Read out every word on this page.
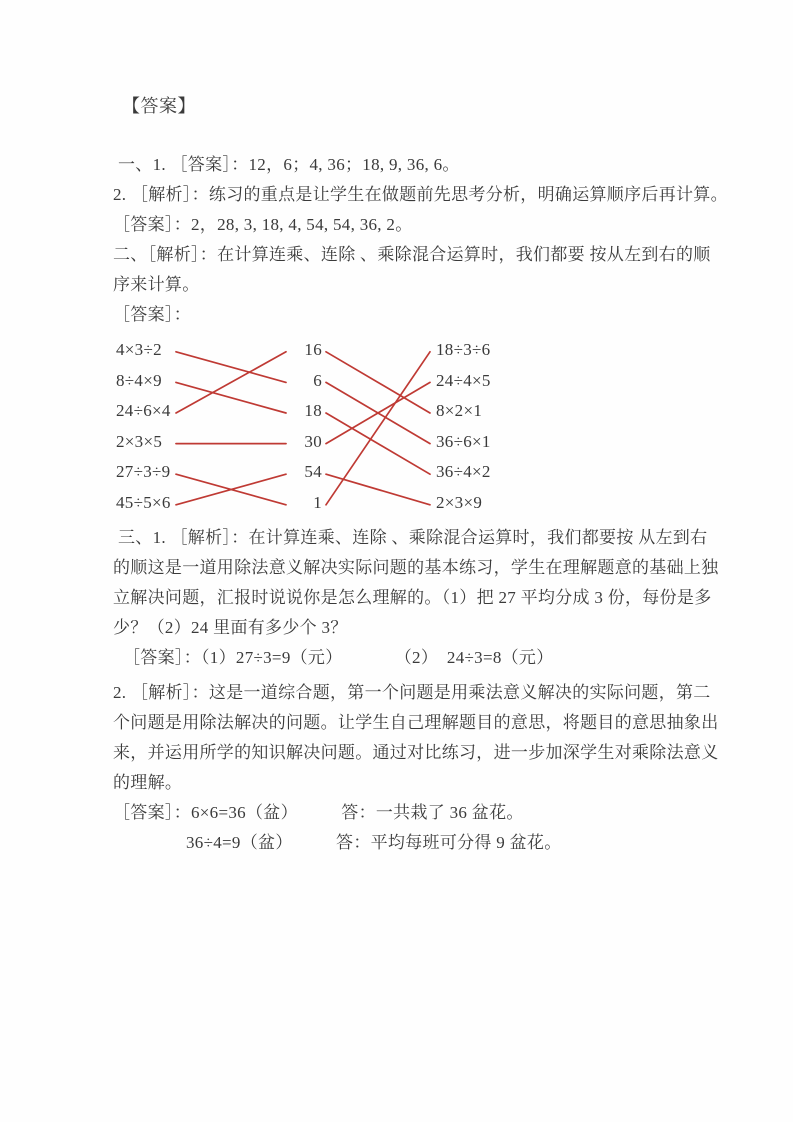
【答案】
一、1. ［答案］：12，6；4, 36；18, 9, 36, 6。
2. ［解析］：练习的重点是让学生在做题前先思考分析，明确运算顺序后再计算。
［答案］：2，28, 3, 18, 4, 54, 54, 36, 2。
二、［解析］：在计算连乘、连除 、乘除混合运算时，我们都要 按从左到右的顺
序来计算。
［答案］：
4×3÷2
8÷4×9
24÷6×4
2×3×5
27÷3÷9
45÷5×6
16
6
18
30
54
1
18÷3÷6
24÷4×5
8×2×1
36÷6×1
36÷4×2
2×3×9
三、1. ［解析］：在计算连乘、连除 、乘除混合运算时，我们都要按 从左到右
的顺这是一道用除法意义解决实际问题的基本练习，学生在理解题意的基础上独
立解决问题，汇报时说说你是怎么理解的。（1）把 27 平均分成 3 份，每份是多
少？（2）24 里面有多少个 3？
［答案］：（1）27÷3=9（元）　　　　（2）　24÷3=8（元）
2. ［解析］：这是一道综合题，第一个问题是用乘法意义解决的实际问题，第二
个问题是用除法解决的问题。让学生自己理解题目的意思，将题目的意思抽象出
来，并运用所学的知识解决问题。通过对比练习，进一步加深学生对乘除法意义
的理解。
［答案］：6×6=36（盆）　　　答：一共栽了 36 盆花。
36÷4=9（盆）　　　答：平均每班可分得 9 盆花。
